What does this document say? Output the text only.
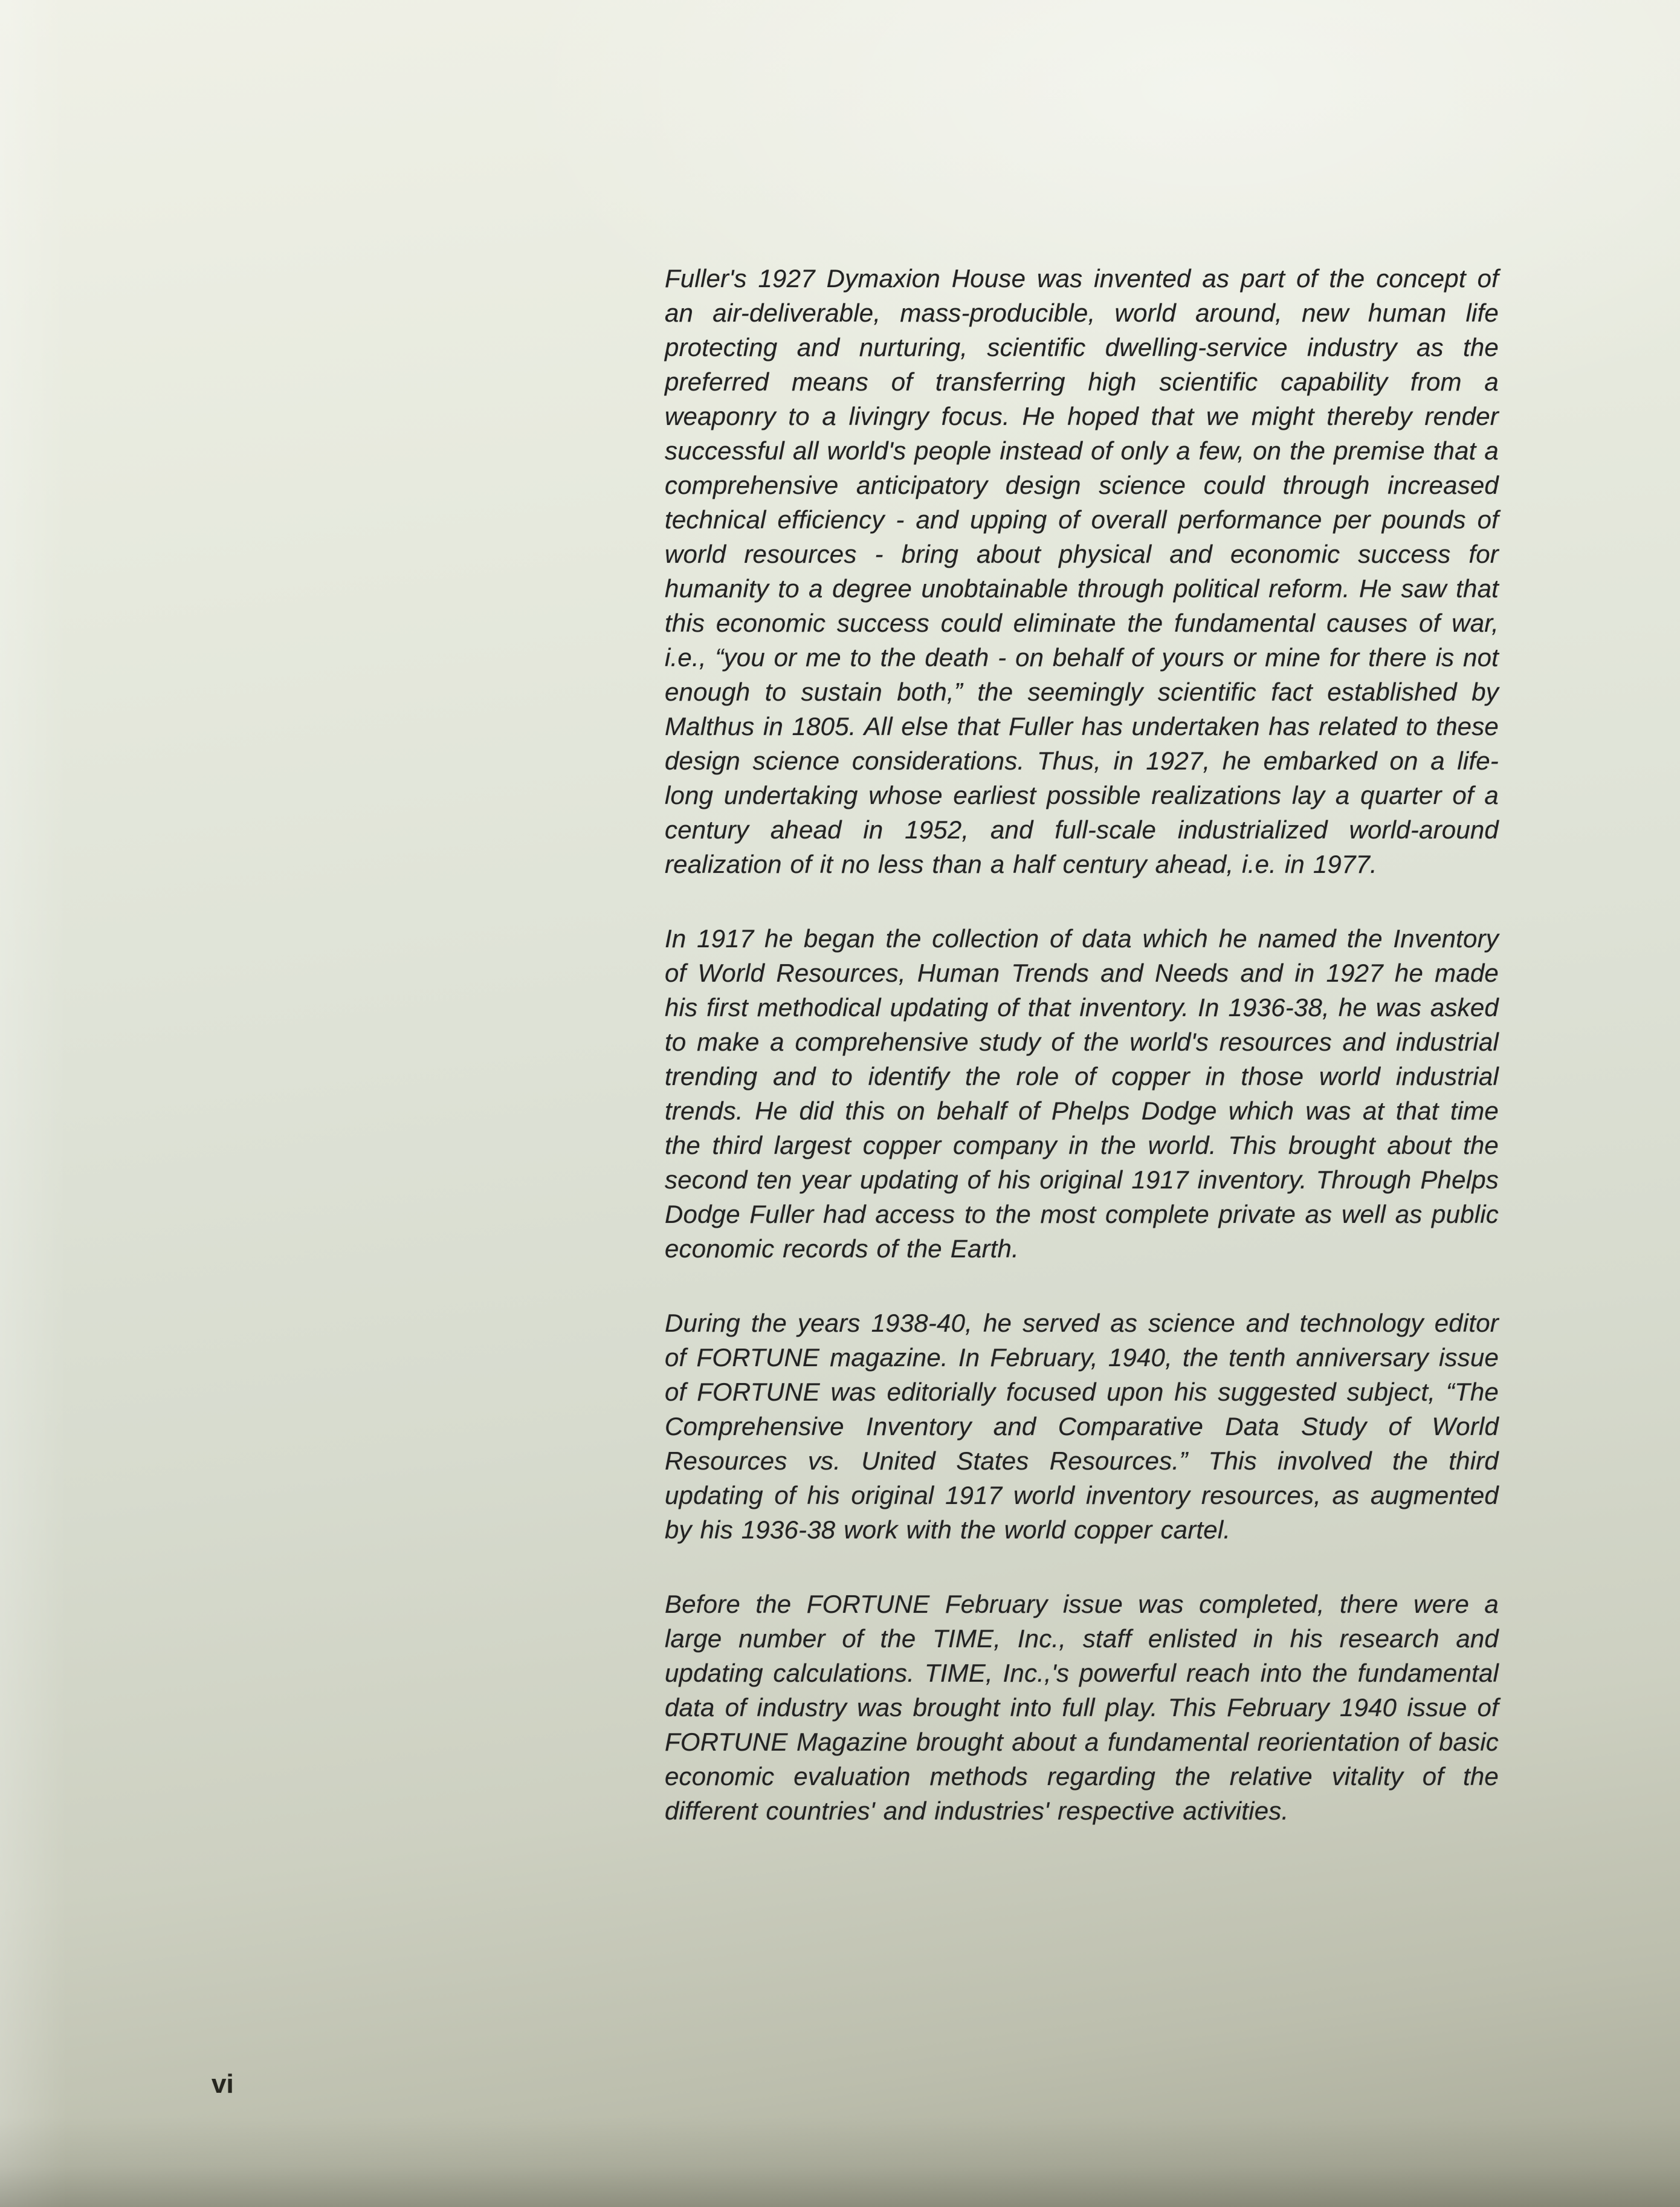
Fuller's 1927 Dymaxion House was invented as part of the concept of an air-deliverable, mass-producible, world around, new human life protecting and nurturing, scientific dwelling-service industry as the preferred means of transferring high scientific capability from a weaponry to a livingry focus. He hoped that we might thereby render successful all world's people instead of only a few, on the premise that a comprehensive anticipatory design science could through increased technical efficiency - and upping of overall performance per pounds of world resources - bring about physical and economic success for humanity to a degree unobtainable through political reform. He saw that this economic success could eliminate the fundamental causes of war, i.e., “you or me to the death - on behalf of yours or mine for there is not enough to sustain both,” the seemingly scientific fact established by Malthus in 1805. All else that Fuller has undertaken has related to these design science considerations. Thus, in 1927, he embarked on a life-long undertaking whose earliest possible realizations lay a quarter of a century ahead in 1952, and full-scale industrialized world-around realization of it no less than a half century ahead, i.e. in 1977.

In 1917 he began the collection of data which he named the Inventory of World Resources, Human Trends and Needs and in 1927 he made his first methodical updating of that inventory. In 1936-38, he was asked to make a comprehensive study of the world's resources and industrial trending and to identify the role of copper in those world industrial trends. He did this on behalf of Phelps Dodge which was at that time the third largest copper company in the world. This brought about the second ten year updating of his original 1917 inventory. Through Phelps Dodge Fuller had access to the most complete private as well as public economic records of the Earth.

During the years 1938-40, he served as science and technology editor of FORTUNE magazine. In February, 1940, the tenth anniversary issue of FORTUNE was editorially focused upon his suggested subject, “The Comprehensive Inventory and Comparative Data Study of World Resources vs. United States Resources.” This involved the third updating of his original 1917 world inventory resources, as augmented by his 1936-38 work with the world copper cartel.

Before the FORTUNE February issue was completed, there were a large number of the TIME, Inc., staff enlisted in his research and updating calculations. TIME, Inc.,'s powerful reach into the fundamental data of industry was brought into full play. This February 1940 issue of FORTUNE Magazine brought about a fundamental reorientation of basic economic evaluation methods regarding the relative vitality of the different countries' and industries' respective activities.

vi
